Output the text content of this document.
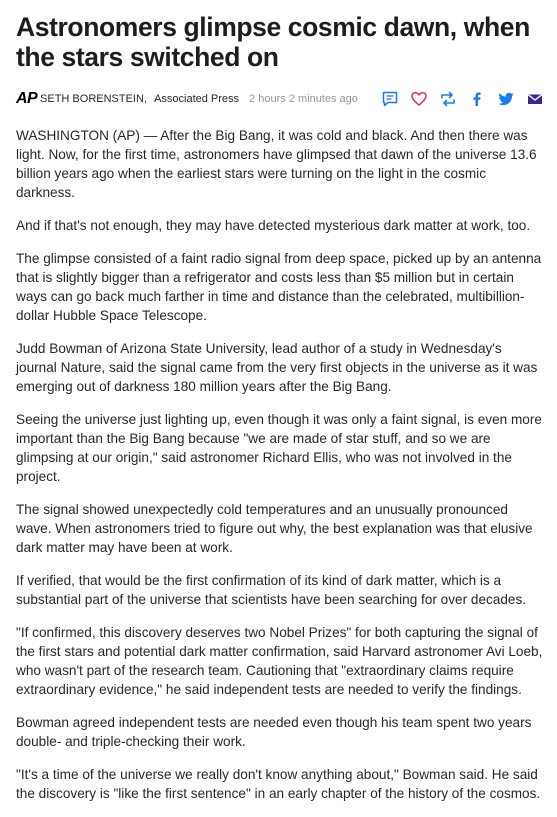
Astronomers glimpse cosmic dawn, when the stars switched on
AP SETH BORENSTEIN,
Associated Press 2 hours 2 minutes ago

WASHINGTON (AP) — After the Big Bang, it was cold and black. And then there was light. Now, for the first time, astronomers have glimpsed that dawn of the universe 13.6 billion years ago when the earliest stars were turning on the light in the cosmic darkness.

And if that's not enough, they may have detected mysterious dark matter at work, too.

The glimpse consisted of a faint radio signal from deep space, picked up by an antenna that is slightly bigger than a refrigerator and costs less than $5 million but in certain ways can go back much farther in time and distance than the celebrated, multibillion-dollar Hubble Space Telescope.

Judd Bowman of Arizona State University, lead author of a study in Wednesday's journal Nature, said the signal came from the very first objects in the universe as it was emerging out of darkness 180 million years after the Big Bang.

Seeing the universe just lighting up, even though it was only a faint signal, is even more important than the Big Bang because "we are made of star stuff, and so we are glimpsing at our origin," said astronomer Richard Ellis, who was not involved in the project.

The signal showed unexpectedly cold temperatures and an unusually pronounced wave. When astronomers tried to figure out why, the best explanation was that elusive dark matter may have been at work.

If verified, that would be the first confirmation of its kind of dark matter, which is a substantial part of the universe that scientists have been searching for over decades.

"If confirmed, this discovery deserves two Nobel Prizes" for both capturing the signal of the first stars and potential dark matter confirmation, said Harvard astronomer Avi Loeb, who wasn't part of the research team. Cautioning that "extraordinary claims require extraordinary evidence," he said independent tests are needed to verify the findings.

Bowman agreed independent tests are needed even though his team spent two years double- and triple-checking their work.

"It's a time of the universe we really don't know anything about," Bowman said. He said the discovery is "like the first sentence" in an early chapter of the history of the cosmos.
